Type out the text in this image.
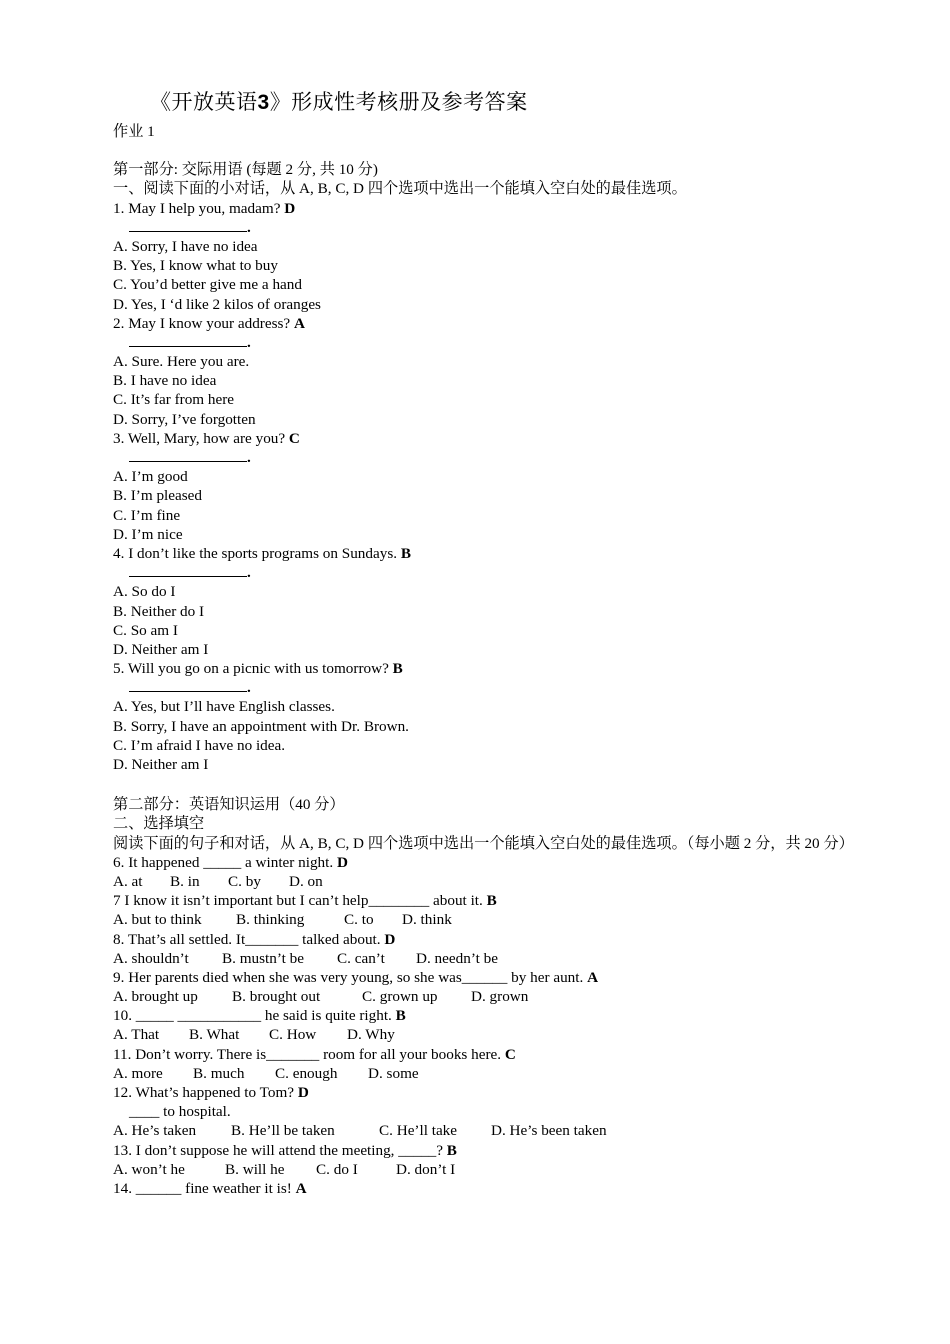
《开放英语3》形成性考核册及参考答案
作业 1
第一部分: 交际用语 (每题 2 分, 共 10 分)
一、阅读下面的小对话，从 A, B, C, D 四个选项中选出一个能填入空白处的最佳选项。
1. May I help you, madam? D
.
A. Sorry, I have no idea
B. Yes, I know what to buy
C. You’d better give me a hand
D. Yes, I ‘d like 2 kilos of oranges
2. May I know your address? A
.
A. Sure. Here you are.
B. I have no idea
C. It’s far from here
D. Sorry, I’ve forgotten
3. Well, Mary, how are you? C
.
A. I’m good
B. I’m pleased
C. I’m fine
D. I’m nice
4. I don’t like the sports programs on Sundays. B
.
A. So do I
B. Neither do I
C. So am I
D. Neither am I
5. Will you go on a picnic with us tomorrow? B
.
A. Yes, but I’ll have English classes.
B. Sorry, I have an appointment with Dr. Brown.
C. I’m afraid I have no idea.
D. Neither am I
第二部分：英语知识运用（40 分）
二、选择填空
阅读下面的句子和对话，从 A, B, C, D 四个选项中选出一个能填入空白处的最佳选项。（每小题 2 分，共 20 分）
6. It happened _____ a winter night. D
A. at B. in C. by D. on
7 I know it isn’t important but I can’t help________ about it. B
A. but to think B. thinking	C. to D. think
8. That’s all settled. It_______ talked about. D
A. shouldn’t B. mustn’t be C. can’t D. needn’t be
9. Her parents died when she was very young, so she was______ by her aunt. A
A. brought up B. brought out	C. grown up D. grown
10. _____ ___________ he said is quite right. B
A. That B. What C. How D. Why
11. Don’t worry. There is_______ room for all your books here. C
A. more B. much C. enough D. some
12. What’s happened to Tom? D
____ to hospital.
A. He’s taken B. He’ll be taken	C. He’ll take D. He’s been taken
13. I don’t suppose he will attend the meeting, _____? B
A. won’t he	B. will he C. do I	D. don’t I
14. ______ fine weather it is! A
